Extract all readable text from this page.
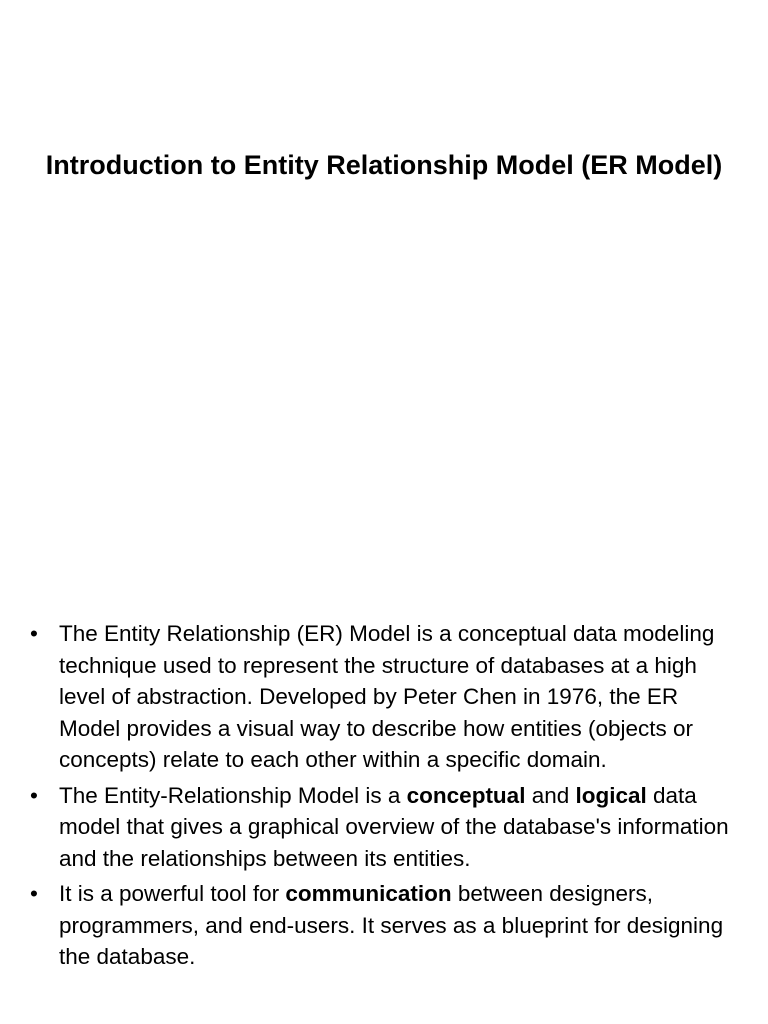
Introduction to Entity Relationship Model (ER Model)
• The Entity Relationship (ER) Model is a conceptual data modeling technique used to represent the structure of databases at a high level of abstraction. Developed by Peter Chen in 1976, the ER Model provides a visual way to describe how entities (objects or concepts) relate to each other within a specific domain.
• The Entity-Relationship Model is a conceptual and logical data model that gives a graphical overview of the database's information and the relationships between its entities.
• It is a powerful tool for communication between designers, programmers, and end-users. It serves as a blueprint for designing the database.
